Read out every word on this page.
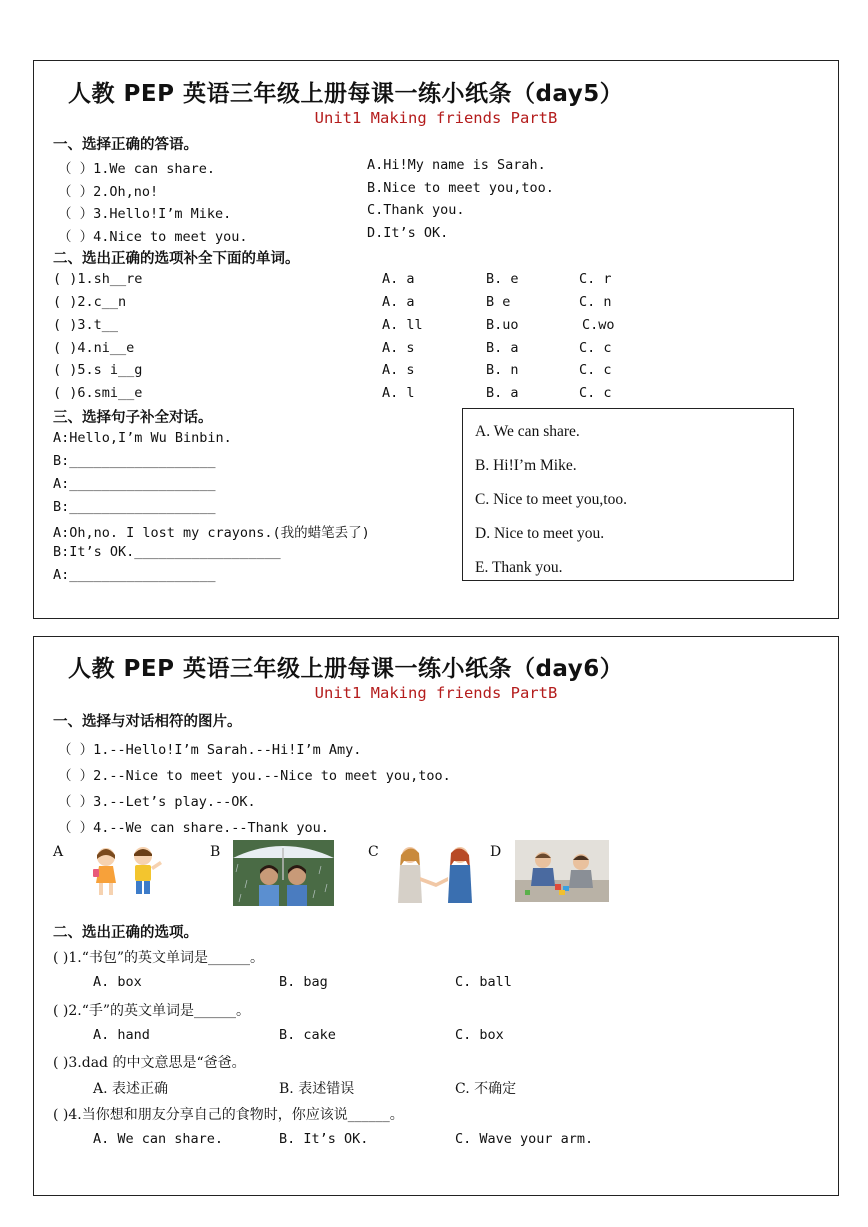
人教 PEP 英语三年级上册每课一练小纸条（day5）
Unit1 Making friends PartB
一、选择正确的答语。
（ ）1.We can share.
（ ）2.Oh,no!
（ ）3.Hello!I’m Mike.
（ ）4.Nice to meet you.
A.Hi!My name is Sarah.
B.Nice to meet you,too.
C.Thank you.
D.It’s OK.
二、选出正确的选项补全下面的单词。
( )1.sh__re	A. a	B. e	C. r
( )2.c__n	A. a	B e	C. n
( )3.t__	A. ll	B.uo	C.wo
( )4.ni__e	A. s	B. a	C. c
( )5.s i__g	A. s	B. n	C. c
( )6.smi__e	A. l	B. a	C. c
三、选择句子补全对话。
A:Hello,I’m Wu Binbin.
B:__________________
A:__________________
B:__________________
A:Oh,no. I lost my crayons.(我的蜡笔丢了)
B:It’s OK.__________________
A:__________________
A. We can share.
B. Hi!I’m Mike.
C. Nice to meet you,too.
D. Nice to meet you.
E. Thank you.
人教 PEP 英语三年级上册每课一练小纸条（day6）
Unit1 Making friends PartB
一、选择与对话相符的图片。
（ ）1.--Hello!I’m Sarah.--Hi!I’m Amy.
（ ）2.--Nice to meet you.--Nice to meet you,too.
（ ）3.--Let’s play.--OK.
（ ）4.--We can share.--Thank you.
A	B	C	D
二、选出正确的选项。
( )1.“书包”的英文单词是______。
A. box	B. bag	C. ball
( )2.“手”的英文单词是______。
A. hand	B. cake	C. box
( )3.dad 的中文意思是“爸爸。
A. 表述正确	B. 表述错误	C. 不确定
( )4.当你想和朋友分享自己的食物时，你应该说______。
A. We can share.	B. It’s OK.	C. Wave your arm.
